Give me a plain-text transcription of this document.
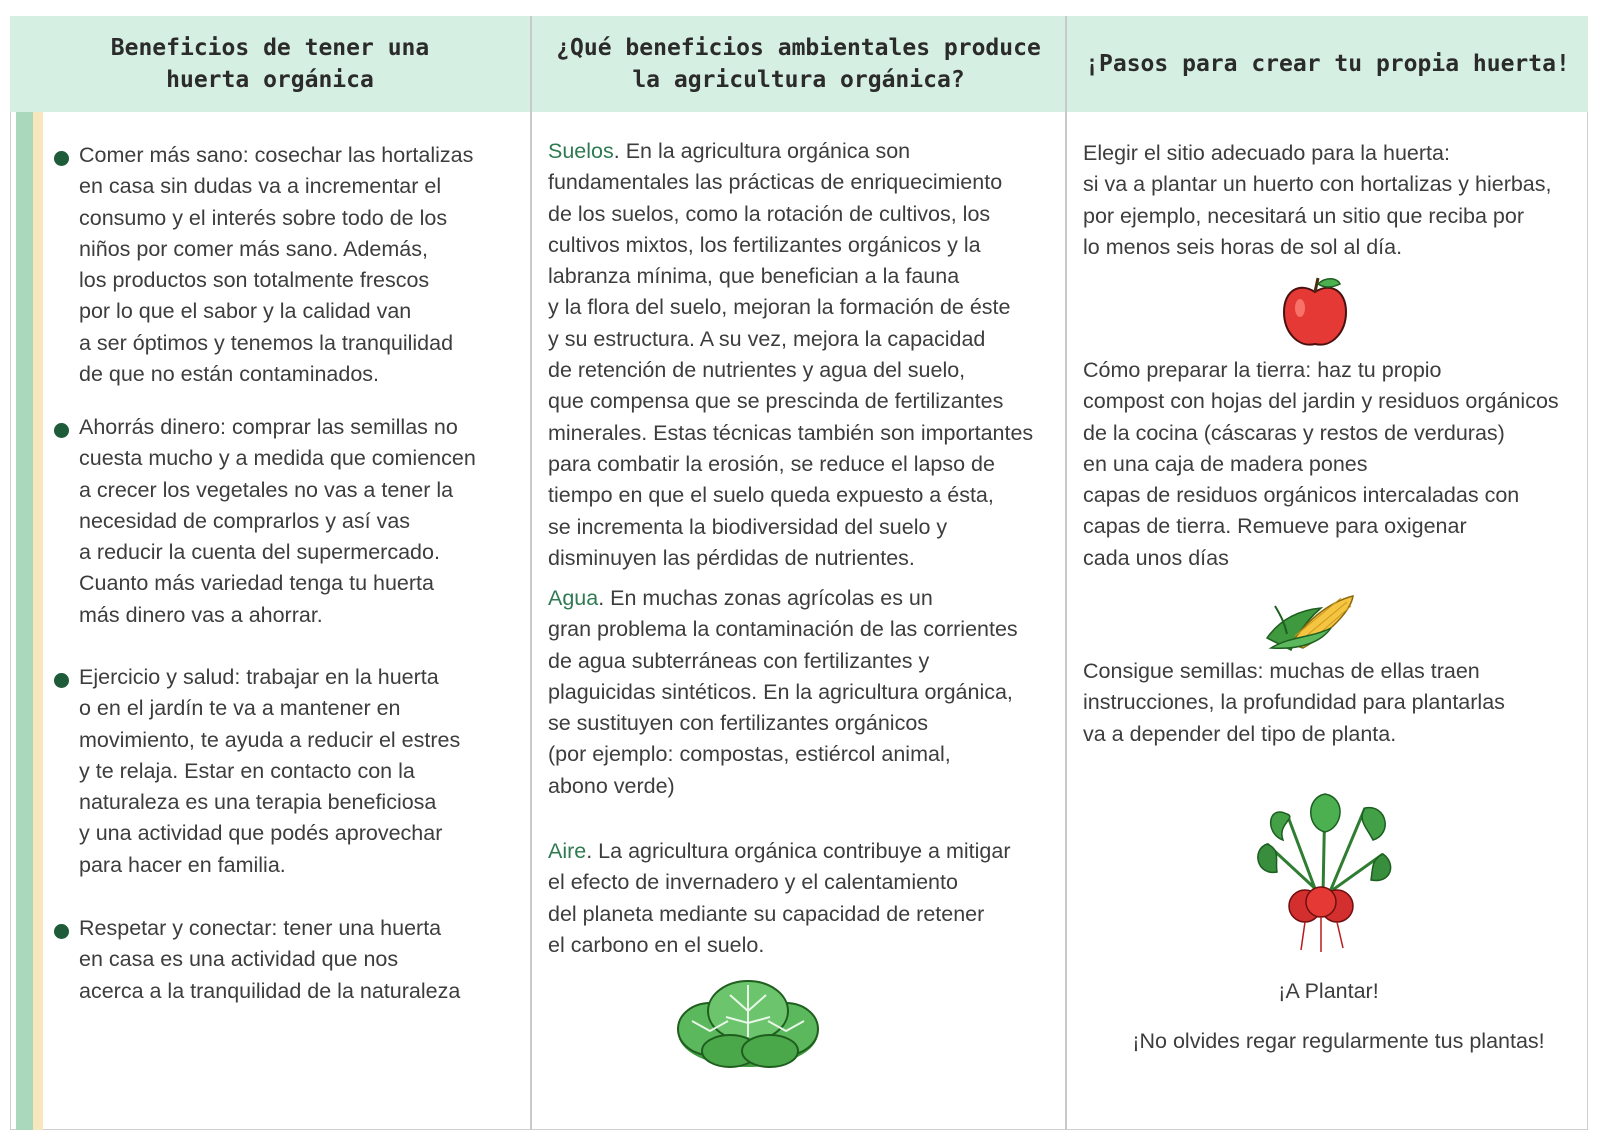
Beneficios de tener una
huerta orgánica

Comer más sano: cosechar las hortalizas
en casa sin dudas va a incrementar el
consumo y el interés sobre todo de los
niños por comer más sano. Además,
los productos son totalmente frescos
por lo que el sabor y la calidad van
a ser óptimos y tenemos la tranquilidad
de que no están contaminados.

Ahorrás dinero: comprar las semillas no
cuesta mucho y a medida que comiencen
a crecer los vegetales no vas a tener la
necesidad de comprarlos y así vas
a reducir la cuenta del supermercado.
Cuanto más variedad tenga tu huerta
más dinero vas a ahorrar.

Ejercicio y salud: trabajar en la huerta
o en el jardín te va a mantener en
movimiento, te ayuda a reducir el estres
y te relaja. Estar en contacto con la
naturaleza es una terapia beneficiosa
y una actividad que podés aprovechar
para hacer en familia.

Respetar y conectar: tener una huerta
en casa es una actividad que nos
acerca a la tranquilidad de la naturaleza

¿Qué beneficios ambientales produce
la agricultura orgánica?

Suelos. En la agricultura orgánica son
fundamentales las prácticas de enriquecimiento
de los suelos, como la rotación de cultivos, los
cultivos mixtos, los fertilizantes orgánicos y la
labranza mínima, que benefician a la fauna
y la flora del suelo, mejoran la formación de éste
y su estructura. A su vez, mejora la capacidad
de retención de nutrientes y agua del suelo,
que compensa que se prescinda de fertilizantes
minerales. Estas técnicas también son importantes
para combatir la erosión, se reduce el lapso de
tiempo en que el suelo queda expuesto a ésta,
se incrementa la biodiversidad del suelo y
disminuyen las pérdidas de nutrientes.

Agua. En muchas zonas agrícolas es un
gran problema la contaminación de las corrientes
de agua subterráneas con fertilizantes y
plaguicidas sintéticos. En la agricultura orgánica,
se sustituyen con fertilizantes orgánicos
(por ejemplo: compostas, estiércol animal,
abono verde)

Aire. La agricultura orgánica contribuye a mitigar
el efecto de invernadero y el calentamiento
del planeta mediante su capacidad de retener
el carbono en el suelo.

¡Pasos para crear tu propia huerta!

Elegir el sitio adecuado para la huerta:
si va a plantar un huerto con hortalizas y hierbas,
por ejemplo, necesitará un sitio que reciba por
lo menos seis horas de sol al día.

Cómo preparar la tierra: haz tu propio
compost con hojas del jardin y residuos orgánicos
de la cocina (cáscaras y restos de verduras)
en una caja de madera pones
capas de residuos orgánicos intercaladas con
capas de tierra. Remueve para oxigenar
cada unos días

Consigue semillas: muchas de ellas traen
instrucciones, la profundidad para plantarlas
va a depender del tipo de planta.

¡A Plantar!

¡No olvides regar regularmente tus plantas!
